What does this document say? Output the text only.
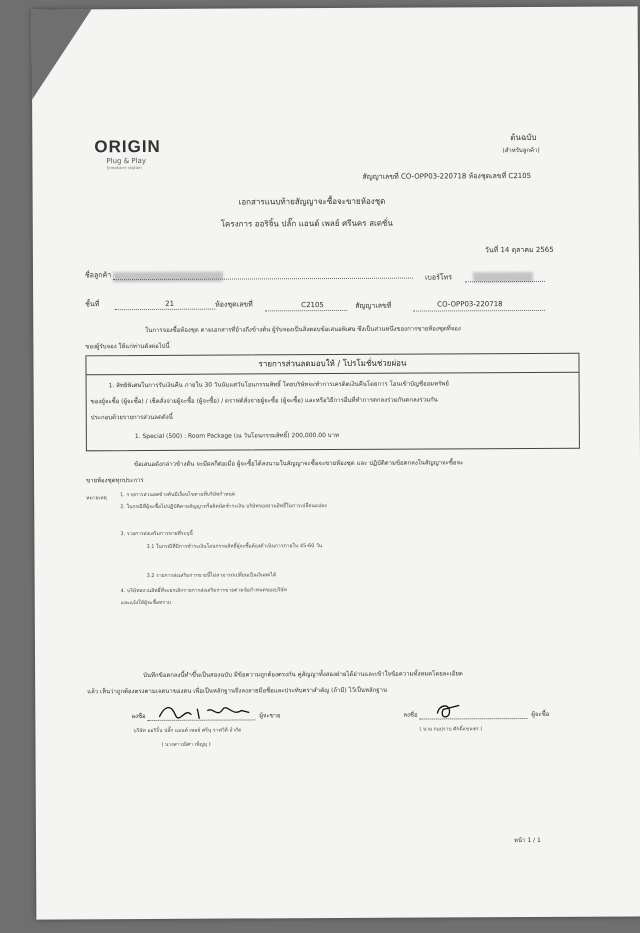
ORIGIN
Plug & Play
Srinakarin station
ต้นฉบับ
(สำหรับลูกค้า)
สัญญาเลขที่ CO-OPP03-220718 ห้องชุดเลขที่ C2105
เอกสารแนบท้ายสัญญาจะซื้อจะขายห้องชุด
โครงการ ออริจิ้น ปลั๊ก แอนด์ เพลย์ ศรีนคร สเตชั่น
วันที่ 14 ตุลาคม 2565
ชื่อลูกค้า	เบอร์โทร
ชั้นที่	21	ห้องชุดเลขที่	C2105	สัญญาเลขที่	CO-OPP03-220718
ในการจองซื้อห้องชุด ตามเอกสารที่อ้างถึงข้างต้น ผู้รับจองเป็นสิ่งตอบข้อเสนอพิเศษ ซึ่งเป็นส่วนหนึ่งของการขายห้องชุดที่จอง
ของผู้รับจอง ให้แก่ท่านดังต่อไปนี้
รายการส่วนลดมอบให้ / โปรโมชั่นช่วยผ่อน
1. สิทธิพิเศษในการรับเงินคืน ภายใน 30 วันนับแต่วันโอนกรรมสิทธิ์ โดยบริษัทจะทำการเครดิตเงินคืนโดยการ โอนเข้าบัญชีออมทรัพย์
ของผู้จะซื้อ (ผู้จะซื้อ) / เช็คสั่งจ่ายผู้จะซื้อ (ผู้จะซื้อ) / ดราฟต์สั่งจ่ายผู้จะซื้อ (ผู้จะซื้อ) และหรือวิธีการอื่นที่ทำการตกลงร่วมกันตกลงร่วมกัน
ประกอบด้วยรายการส่วนลดดังนี้
1. Special (500) : Room Package (ณ วันโอนกรรมสิทธิ์) 200,000.00 บาท
ข้อเสนอดังกล่าวข้างต้น จะมีผลก็ต่อเมื่อ ผู้จะซื้อได้ลงนามในสัญญาจะซื้อจะขายห้องชุด และ ปฏิบัติตามข้อตกลงในสัญญาจะซื้อจะ
ขายห้องชุดทุกประการ
หมายเหตุ
1. รายการส่วนลดข้างต้นมีเงื่อนไขตามที่บริษัทกำหนด
2. ในกรณีที่ผู้จะซื้อไม่ปฏิบัติตามสัญญาหรือผิดนัดชำระเงิน บริษัทขอสงวนสิทธิ์ในการเปลี่ยนแปลง
3. รายการส่งเสริมการขายที่ระบุนี้
3.1 ในกรณีที่มีการชำระเงินโอนกรรมสิทธิ์ผู้จะซื้อต้องดำเนินการภายใน 45-60 วัน
3.2 รายการส่งเสริมการขายนี้ไม่สามารถเปลี่ยนเป็นเงินสดได้
4. บริษัทสงวนสิทธิ์ที่จะยกเลิกรายการส่งเสริมการขายตามข้อกำหนดของบริษัท
และแจ้งให้ผู้จะซื้อทราบ
บันทึกข้อตกลงนี้ทำขึ้นเป็นสองฉบับ มีข้อความถูกต้องตรงกัน คู่สัญญาทั้งสองฝ่ายได้อ่านและเข้าใจข้อความทั้งหมดโดยละเอียด
แล้ว เห็นว่าถูกต้องตรงตามเจตนาของตน เพื่อเป็นหลักฐานจึงลงลายมือชื่อและประทับตราสำคัญ (ถ้ามี) ไว้เป็นหลักฐาน
ลงชื่อ	ผู้จะขาย
บริษัท ออริจิ้น ปลั๊ก แอนด์ เพลย์ ศรีนุ ราฟวิลี จำกัด
( นางสาวณิศา เพ็ญมุ )
ลงชื่อ	ผู้จะซื้อ
( นาย กอปราบ ศักดิ์แขนชร )
หน้า 1 / 1
